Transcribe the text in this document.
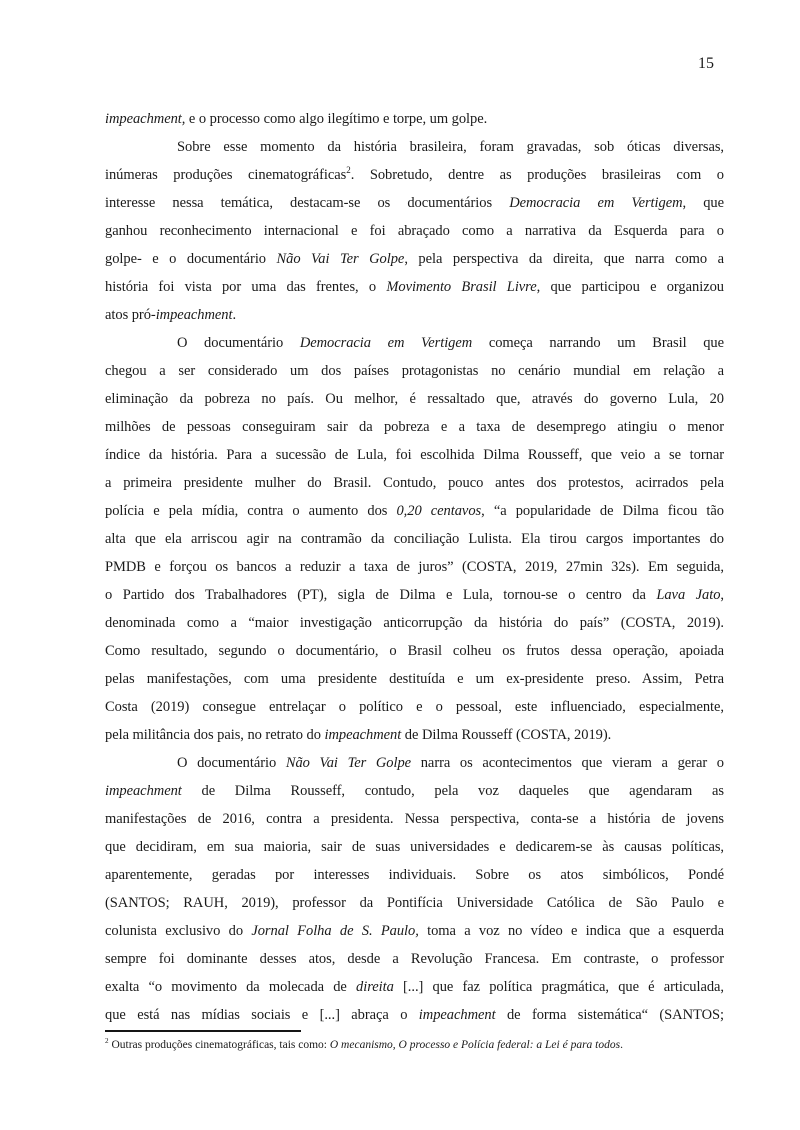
15
impeachment, e o processo como algo ilegítimo e torpe, um golpe.
Sobre esse momento da história brasileira, foram gravadas, sob óticas diversas,
inúmeras produções cinematográficas$^2$. Sobretudo, dentre as produções brasileiras com o
interesse nessa temática, destacam-se os documentários Democracia em Vertigem, que
ganhou reconhecimento internacional e foi abraçado como a narrativa da Esquerda para o
golpe- e o documentário Não Vai Ter Golpe, pela perspectiva da direita, que narra como a
história foi vista por uma das frentes, o Movimento Brasil Livre, que participou e organizou
atos pró-impeachment.
O documentário Democracia em Vertigem começa narrando um Brasil que
chegou a ser considerado um dos países protagonistas no cenário mundial em relação a
eliminação da pobreza no país. Ou melhor, é ressaltado que, através do governo Lula, 20
milhões de pessoas conseguiram sair da pobreza e a taxa de desemprego atingiu o menor
índice da história. Para a sucessão de Lula, foi escolhida Dilma Rousseff, que veio a se tornar
a primeira presidente mulher do Brasil. Contudo, pouco antes dos protestos, acirrados pela
polícia e pela mídia, contra o aumento dos 0,20 centavos, “a popularidade de Dilma ficou tão
alta que ela arriscou agir na contramão da conciliação Lulista. Ela tirou cargos importantes do
PMDB e forçou os bancos a reduzir a taxa de juros” (COSTA, 2019, 27min 32s). Em seguida,
o Partido dos Trabalhadores (PT), sigla de Dilma e Lula, tornou-se o centro da Lava Jato,
denominada como a “maior investigação anticorrupção da história do país” (COSTA, 2019).
Como resultado, segundo o documentário, o Brasil colheu os frutos dessa operação, apoiada
pelas manifestações, com uma presidente destituída e um ex-presidente preso. Assim, Petra
Costa (2019) consegue entrelaçar o político e o pessoal, este influenciado, especialmente,
pela militância dos pais, no retrato do impeachment de Dilma Rousseff (COSTA, 2019).
O documentário Não Vai Ter Golpe narra os acontecimentos que vieram a gerar o
impeachment de Dilma Rousseff, contudo, pela voz daqueles que agendaram as
manifestações de 2016, contra a presidenta. Nessa perspectiva, conta-se a história de jovens
que decidiram, em sua maioria, sair de suas universidades e dedicarem-se às causas políticas,
aparentemente, geradas por interesses individuais. Sobre os atos simbólicos, Pondé
(SANTOS; RAUH, 2019), professor da Pontifícia Universidade Católica de São Paulo e
colunista exclusivo do Jornal Folha de S. Paulo, toma a voz no vídeo e indica que a esquerda
sempre foi dominante desses atos, desde a Revolução Francesa. Em contraste, o professor
exalta “o movimento da molecada de direita [...] que faz política pragmática, que é articulada,
que está nas mídias sociais e [...] abraça o impeachment de forma sistemática“ (SANTOS;
$^2$ Outras produções cinematográficas, tais como: O mecanismo, O processo e Polícia federal: a Lei é para todos.
